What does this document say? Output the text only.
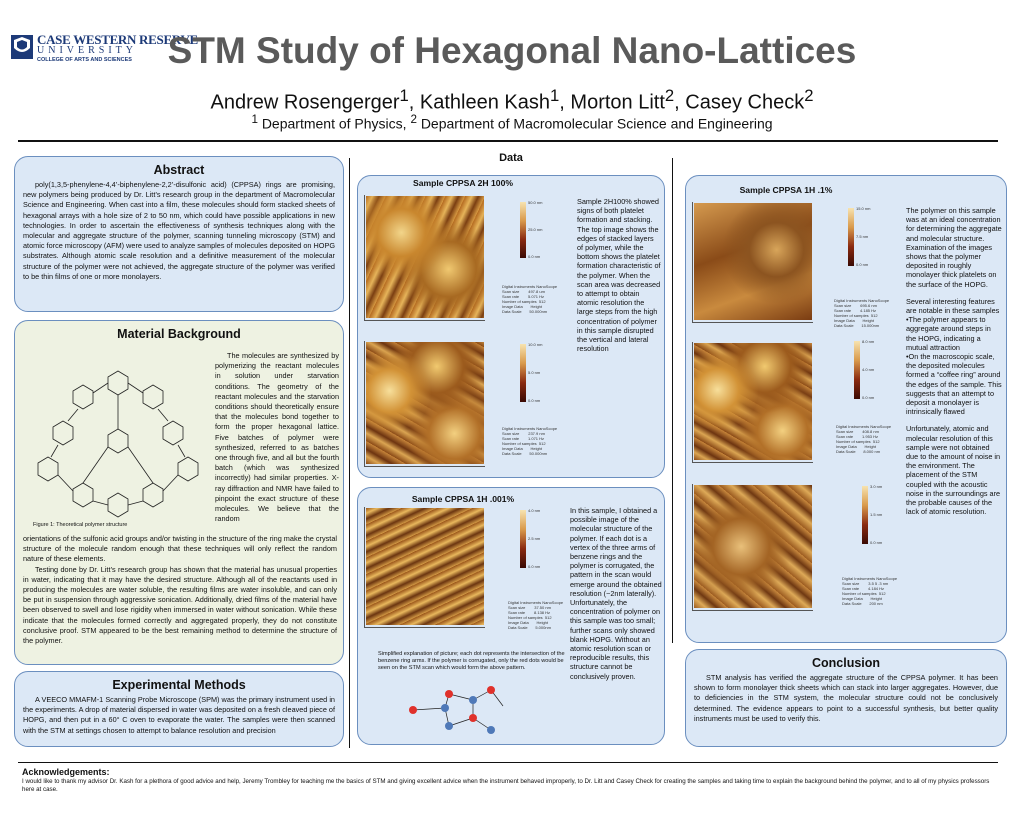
CASE WESTERN RESERVE
UNIVERSITY
COLLEGE OF ARTS AND SCIENCES STM Study of Hexagonal Nano-Lattices
Andrew Rosengerger$^1$, Kathleen Kash$^1$, Morton Litt$^2$, Casey Check$^2$
$^1$ Department of Physics, $^2$ Department of Macromolecular Science and Engineering
Abstract

poly(1,3,5-phenylene-4,4’-biphenylene-2,2’-disulfonic acid) (CPPSA) rings are promising, new polymers being produced by Dr. Litt’s research group in the department of Macromolecular Science and Engineering. When cast into a film, these molecules should form stacked sheets of hexagonal arrays with a hole size of 2 to 50 nm, which could have possible applications in new technologies. In order to ascertain the effectiveness of synthesis techniques along with the molecular and aggregate structure of the polymer, scanning tunneling microscopy (STM) and atomic force microscopy (AFM) were used to analyze samples of molecules deposited on HOPG substrates. Although atomic scale resolution and a definitive measurement of the molecular structure of the polymer were not achieved, the aggregate structure of the polymer was verified to be thin films of one or more monolayers.

Material Background
Figure 1: Theoretical polymer structure
The molecules are synthesized by polymerizing the reactant molecules in solution under starvation conditions. The geometry of the reactant molecules and the starvation conditions should theoretically ensure that the molecules bond together to form the proper hexagonal lattice. Five batches of polymer were synthesized, referred to as batches one through five, and all but the fourth batch (which was synthesized incorrectly) had similar properties. X-ray diffraction and NMR have failed to pinpoint the exact structure of these molecules. We believe that the random
orientations of the sulfonic acid groups and/or twisting in the structure of the ring make the crystal structure of the molecule random enough that these techniques will only reflect the random nature of these elements.

Testing done by Dr. Litt’s research group has shown that the material has unusual properties in water, indicating that it may have the desired structure. Although all of the reactants used in producing the molecules are water soluble, the resulting films are water insoluble, and can only be put in suspension through aggressive sonication. Additionally, dried films of the material have been observed to swell and lose rigidity when immersed in water without sonication. While these indicate that the molecules formed correctly and aggregated properly, they do not constitute conclusive proof. STM appeared to be the best remaining method to determine the structure of the polymer.

Experimental Methods

A VEECO MMAFM-1 Scanning Probe Microscope (SPM) was the primary instrument used in the experiments. A drop of material dispersed in water was deposited on a fresh cleaved piece of HOPG, and then put in a 60° C oven to evaporate the water. The samples were then scanned with the STM at settings chosen to attempt to balance resolution and precision

Data
Sample CPPSA 2H 100%
50.0 nm
25.0 nm
0.0 nm
Digital Instruments NanoScope
Scan size        497.8 um
Scan rate        5.071 Hz
Number of samples  512
Image Data       Height
Data Scale       50.000nm
10.0 nm
5.0 nm
0.0 nm
Digital Instruments NanoScope
Scan size        237.9 nm
Scan rate        1.071 Hz
Number of samples  512
Image Data       Height
Data Scale       50.000nm
Sample 2H100% showed signs of both platelet formation and stacking. The top image shows the edges of stacked layers of polymer, while the bottom shows the platelet formation characteristic of the polymer. When the scan area was decreased to attempt to obtain atomic resolution the large steps from the high concentration of polymer in this sample disrupted the vertical and lateral resolution
Sample CPPSA 1H .001%
4.0 nm
2.5 nm
0.0 nm
Digital Instruments NanoScope
Scan size        37.50 nm
Scan rate        8.138 Hz
Number of samples  512
Image Data       Height
Data Scale       5.000nm
Simplified explanation of picture; each dot represents the intersection of the benzene ring arms. If the polymer is corrugated, only the red dots would be seen on the STM scan which would form the above pattern.
In this sample, I obtained a possible image of the molecular structure of the polymer. If each dot is a vertex of the three arms of benzene rings and the polymer is corrugated, the pattern in the scan would emerge around the obtained resolution (~2nm laterally). Unfortunately, the concentration of polymer on this sample was too small; further scans only showed blank HOPG. Without an atomic resolution scan or reproducible results, this structure cannot be conclusively proven.
Sample CPPSA 1H .1%
15.0 nm
7.5 nm
0.0 nm
Digital Instruments NanoScope
Scan size        695.6 nm
Scan rate        4.185 Hz
Number of samples  512
Image Data       Height
Data Scale       15.000nm
8.0 nm
4.0 nm
0.0 nm
Digital Instruments NanoScope
Scan size        408.8 nm
Scan rate        1.953 Hz
Number of samples  512
Image Data       Height
Data Scale       8.000 nm
3.0 nm
1.5 nm
0.0 nm
Digital Instruments NanoScope
Scan size        3.5 5 .3 nm
Scan rate        4.184 Hz
Number of samples  512
Image Data       Height
Data Scale       200 nm

The polymer on this sample was at an ideal concentration for determining the aggregate and molecular structure. Examination of the images shows that the polymer deposited in roughly monolayer thick platelets on the surface of the HOPG.

Several interesting features are notable in these samples
•The polymer appears to aggregate around steps in the HOPG, indicating a mutual attraction

•On the macroscopic scale, the deposited molecules formed a “coffee ring” around the edges of the sample. This suggests that an attempt to deposit a monolayer is intrinsically flawed

Unfortunately, atomic and molecular resolution of this sample were not obtained due to the amount of noise in the environment. The placement of the STM coupled with the acoustic noise in the surroundings are the probable causes of the lack of atomic resolution.

Conclusion

STM analysis has verified the aggregate structure of the CPPSA polymer. It has been shown to form monolayer thick sheets which can stack into larger aggregates. However, due to deficiencies in the STM system, the molecular structure could not be conclusively determined. The evidence appears to point to a successful synthesis, but better quality instruments must be used to verify this.

Acknowledgements:
I would like to thank my advisor Dr. Kash for a plethora of good advice and help, Jeremy Trombley for teaching me the basics of STM and giving excellent advice when the instrument behaved improperly, to Dr. Litt and Casey Check for creating the samples and taking time to explain the background behind the polymer, and to all of my physics professors here at case.
